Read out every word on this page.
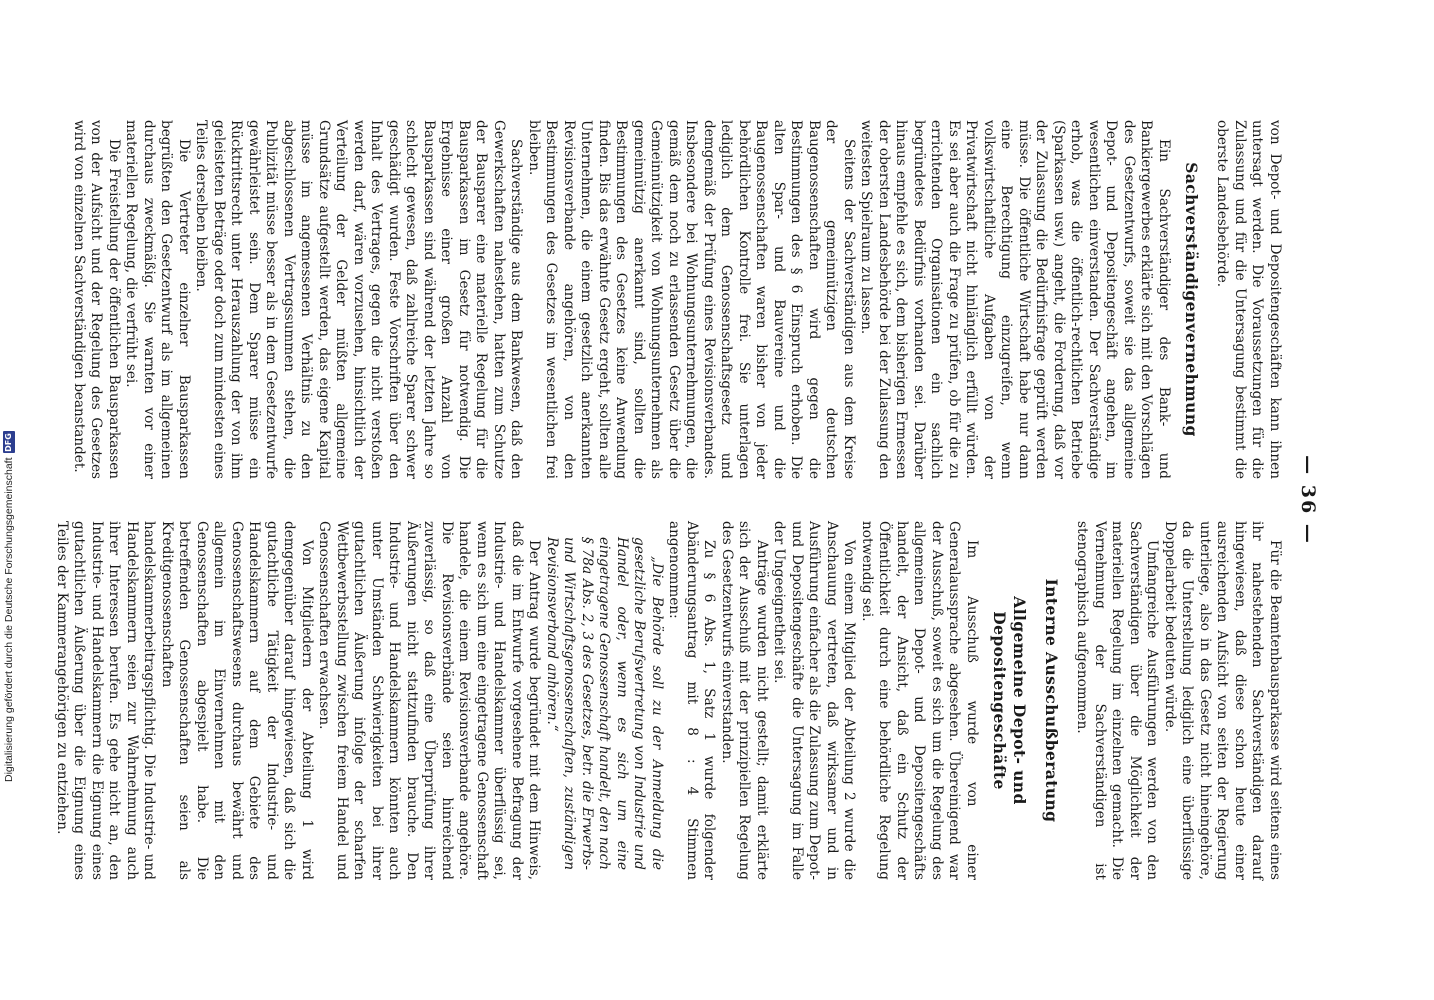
— 36 —

von Depot- und Depositengeschäften kann ihnen untersagt werden. Die Voraussetzungen für die Zulassung und für die Untersagung bestimmt die oberste Landesbehörde.

Sachverständigenvernehmung

Ein Sachverständiger des Bank- und Bankiergewerbes erklärte sich mit den Vorschlägen des Gesetzentwurfs, soweit sie das allgemeine Depot- und Depositengeschäft angehen, im wesentlichen einverstanden. Der Sachverständige erhob, was die öffentlich-rechtlichen Betriebe (Sparkassen usw.) angeht, die Forderung, daß vor der Zulassung die Bedürfnisfrage geprüft werden müsse. Die öffentliche Wirtschaft habe nur dann eine Berechtigung einzugreifen, wenn volkswirtschaftliche Aufgaben von der Privatwirtschaft nicht hinlänglich erfüllt würden. Es sei aber auch die Frage zu prüfen, ob für die zu errichtenden Organisationen ein sachlich begründetes Bedürfnis vorhanden sei. Darüber hinaus empfehle es sich, dem bisherigen Ermessen der obersten Landesbehörde bei der Zulassung den weitesten Spielraum zu lassen.

Seitens der Sachverständigen aus dem Kreise der gemeinnützigen deutschen Baugenossenschaften wird gegen die Bestimmungen des § 6 Einspruch erhoben. Die alten Spar- und Bauvereine und die Baugenossenschaften waren bisher von jeder behördlichen Kontrolle frei. Sie unterlagen lediglich dem Genossenschaftsgesetz und demgemäß der Prüfung eines Revisionsverbandes. Insbesondere bei Wohnungsunternehmungen, die gemäß dem noch zu erlassenden Gesetz über die Gemeinnützigkeit von Wohnungsunternehmen als gemeinnützig anerkannt sind, sollten die Bestimmungen des Gesetzes keine Anwendung finden. Bis das erwähnte Gesetz ergeht, sollten alle Unternehmen, die einem gesetzlich anerkannten Revisionsverbande angehören, von den Bestimmungen des Gesetzes im wesentlichen frei bleiben.

Sachverständige aus dem Bankwesen, daß den Gewerkschaften nahestehen, hatten zum Schutze der Bausparer eine materielle Regelung für die Bausparkassen im Gesetz für notwendig. Die Ergebnisse einer großen Anzahl von Bausparkassen sind während der letzten Jahre so schlecht gewesen, daß zahlreiche Sparer schwer geschädigt wurden. Feste Vorschriften über den Inhalt des Vertrages, gegen die nicht verstoßen werden darf, wären vorzusehen, hinsichtlich der Verteilung der Gelder müßten allgemeine Grundsätze aufgestellt werden, das eigene Kapital müsse im angemessenen Verhältnis zu den abgeschlossenen Vertragssummen stehen, die Publizität müsse besser als in dem Gesetzentwurfe gewährleistet sein. Dem Sparer müsse ein Rücktrittsrecht unter Herauszahlung der von ihm geleisteten Beträge oder doch zum mindesten eines Teiles derselben bleiben.

Die Vertreter einzelner Bausparkassen begrüßten den Gesetzentwurf als im allgemeinen durchaus zweckmäßig. Sie warnten vor einer materiellen Regelung, die verfrüht sei.

Die Freistellung der öffentlichen Bausparkassen von der Aufsicht und der Regelung des Gesetzes wird von einzelnen Sachverständigen beanstandet.

Für die Beamtenbausparkasse wird seitens eines ihr nahestehenden Sachverständigen darauf hingewiesen, daß diese schon heute einer ausreichenden Aufsicht von seiten der Regierung unterliege, also in das Gesetz nicht hineingehöre, da die Unterstellung lediglich eine überflüssige Doppelarbeit bedeuten würde.

Umfangreiche Ausführungen werden von den Sachverständigen über die Möglichkeit der materiellen Regelung im einzelnen gemacht. Die Vernehmung der Sachverständigen ist stenographisch aufgenommen.

Interne Ausschußberatung
Allgemeine Depot- und Depositengeschäfte

Im Ausschuß wurde von einer Generalaussprache abgesehen. Übereinigend war der Ausschuß, soweit es sich um die Regelung des allgemeinen Depot- und Depositengeschäfts handelt, der Ansicht, daß ein Schutz der Öffentlichkeit durch eine behördliche Regelung notwendig sei.

Von einem Mitglied der Abteilung 2 wurde die Anschauung vertreten, daß wirksamer und in Ausführung einfacher als die Zulassung zum Depot- und Depositengeschäfte die Untersagung im Falle der Ungeeignetheit sei.

Anträge wurden nicht gestellt; damit erklärte sich der Ausschuß mit der prinzipiellen Regelung des Gesetzentwurfs einverstanden.

Zu § 6 Abs. 1, Satz 1 wurde folgender Abänderungsantrag mit 8 : 4 Stimmen angenommen:

„Die Behörde soll zu der Anmeldung die gesetzliche Berufsvertretung von Industrie und Handel oder, wenn es sich um eine eingetragene Genossenschaft handelt, den nach § 78a Abs. 2, 3 des Gesetzes, betr. die Erwerbs- und Wirtschaftsgenossenschaften, zuständigen Revisionsverband anhören.“

Der Antrag wurde begründet mit dem Hinweis, daß die im Entwurfe vorgesehene Befragung der Industrie- und Handelskammer überflüssig sei, wenn es sich um eine eingetragene Genossenschaft handele, die einem Revisionsverbande angehöre. Die Revisionsverbände seien hinreichend zuverlässig, so daß eine Überprüfung ihrer Äußerungen nicht stattzufinden brauche. Den Industrie- und Handelskammern könnten auch unter Umständen Schwierigkeiten bei ihrer gutachtlichen Äußerung infolge der scharfen Wettbewerbsstellung zwischen freiem Handel und Genossenschaften erwachsen.

Von Mitgliedern der Abteilung 1 wird demgegenüber darauf hingewiesen, daß sich die gutachtliche Tätigkeit der Industrie- und Handelskammern auf dem Gebiete des Genossenschaftswesens durchaus bewährt und allgemein im Einvernehmen mit den Genossenschaften abgespielt habe. Die betreffenden Genossenschaften seien als Kreditgenossenschaften handelskammerbeitragspflichtig. Die Industrie- und Handelskammern seien zur Wahrnehmung auch ihrer Interessen berufen. Es gehe nicht an, den Industrie- und Handelskammern die Eignung eines gutachtlichen Äußerung über die Eignung eines Teiles der Kammerangehörigen zu entziehen.

Digitalisierung gefördert durch die Deutsche Forschungsgemeinschaft
DFG
